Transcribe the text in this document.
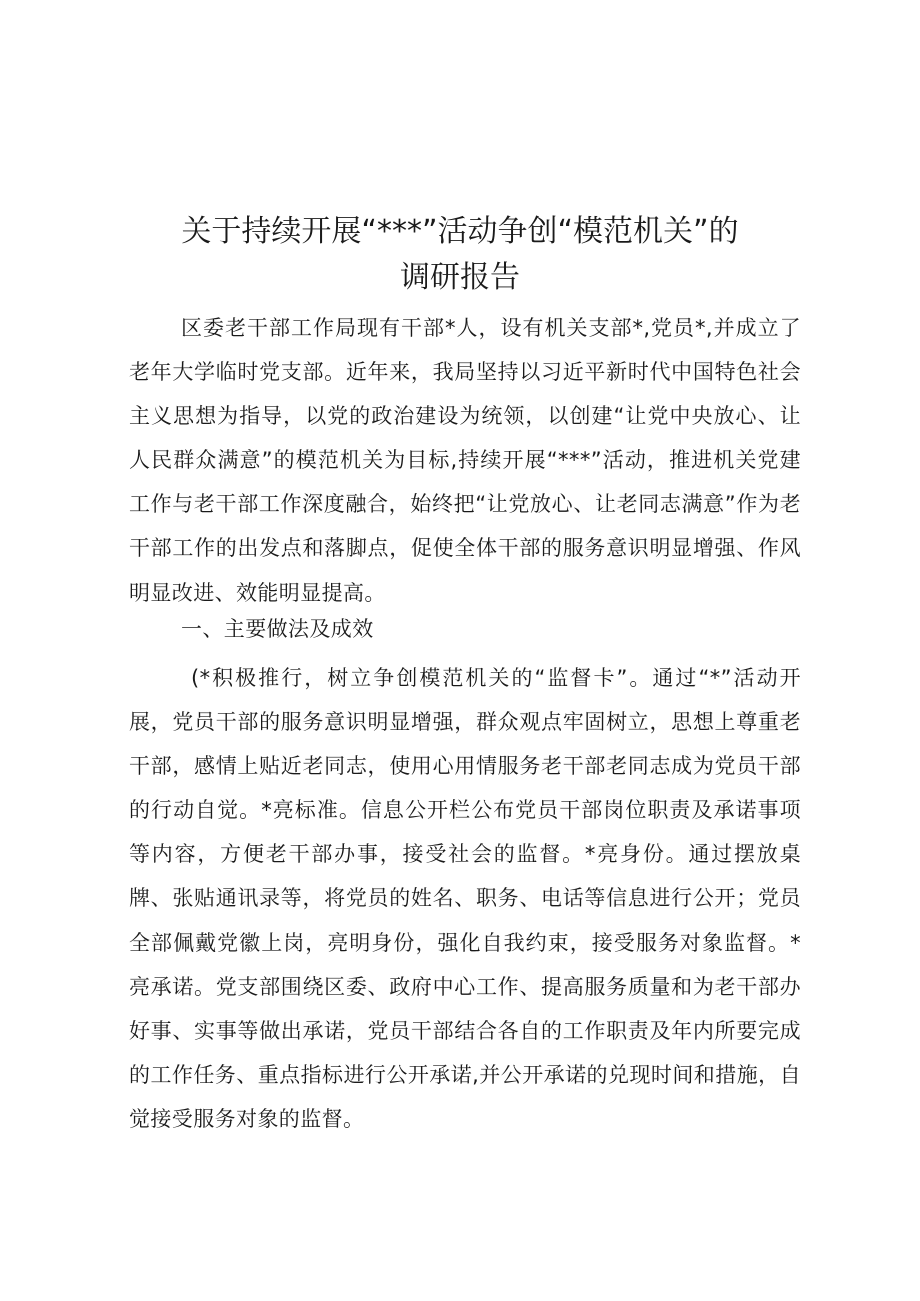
关于持续开展“***”活动争创“模范机关”的
调研报告

区委老干部工作局现有干部*人，设有机关支部*,党员*,并成立了老年大学临时党支部。近年来，我局坚持以习近平新时代中国特色社会主义思想为指导，以党的政治建设为统领，以创建“让党中央放心、让人民群众满意”的模范机关为目标,持续开展“***”活动，推进机关党建工作与老干部工作深度融合，始终把“让党放心、让老同志满意”作为老干部工作的出发点和落脚点，促使全体干部的服务意识明显增强、作风明显改进、效能明显提高。

一、主要做法及成效

(*积极推行，树立争创模范机关的“监督卡”。通过“*”活动开展，党员干部的服务意识明显增强，群众观点牢固树立，思想上尊重老干部，感情上贴近老同志，使用心用情服务老干部老同志成为党员干部的行动自觉。*亮标准。信息公开栏公布党员干部岗位职责及承诺事项等内容，方便老干部办事，接受社会的监督。*亮身份。通过摆放桌牌、张贴通讯录等，将党员的姓名、职务、电话等信息进行公开；党员全部佩戴党徽上岗，亮明身份，强化自我约束，接受服务对象监督。*亮承诺。党支部围绕区委、政府中心工作、提高服务质量和为老干部办好事、实事等做出承诺，党员干部结合各自的工作职责及年内所要完成的工作任务、重点指标进行公开承诺,并公开承诺的兑现时间和措施，自觉接受服务对象的监督。
